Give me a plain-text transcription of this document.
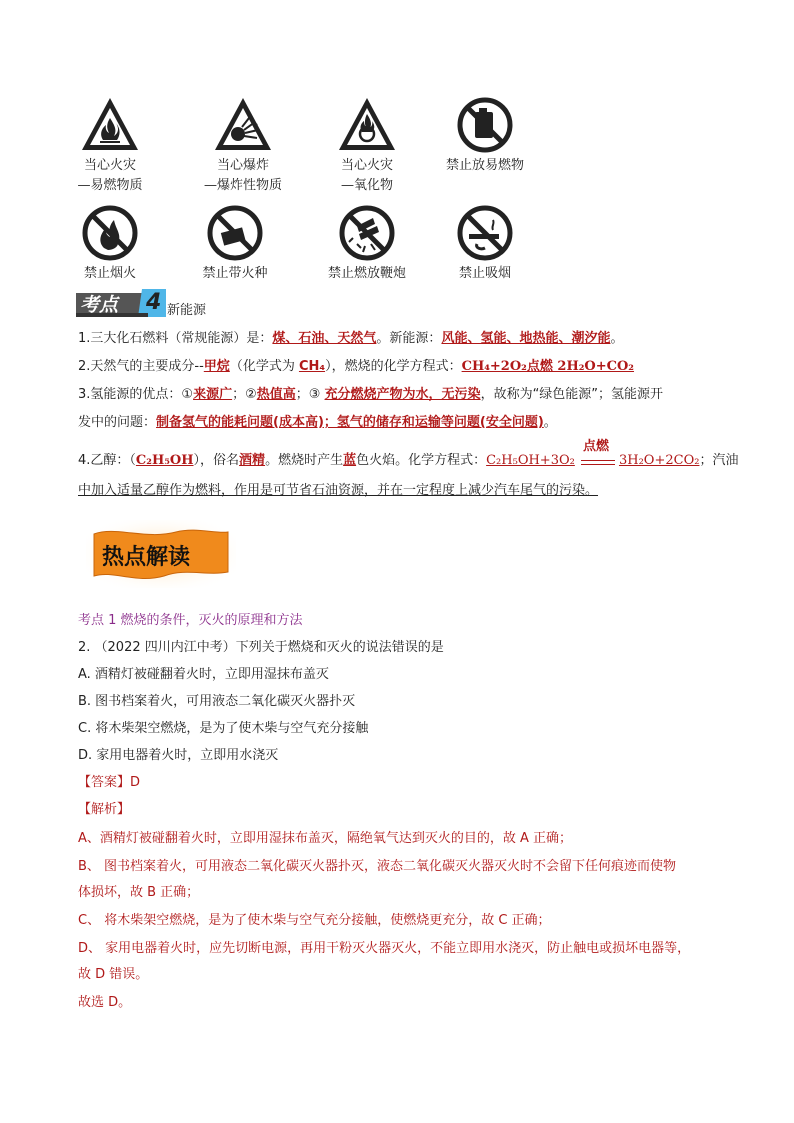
当心火灾
—易燃物质
当心爆炸
—爆炸性物质
当心火灾
—氧化物
禁止放易燃物
禁止烟火	禁止带火种	禁止燃放鞭炮	禁止吸烟
考点 4 新能源
1.三大化石燃料（常规能源）是：煤、石油、天然气。新能源：风能、氢能、地热能、潮汐能。
2.天然气的主要成分--甲烷（化学式为 CH₄），燃烧的化学方程式：CH₄+2O₂点燃 2H₂O+CO₂
3.氢能源的优点：①来源广；②热值高；③ 充分燃烧产物为水，无污染，故称为“绿色能源”；氢能源开
发中的问题：制备氢气的能耗问题(成本高)；氢气的储存和运输等问题(安全问题)。
4.乙醇：（C₂H₅OH），俗名酒精。燃烧时产生蓝色火焰。化学方程式：C₂H₅OH+3O₂
点燃
3H₂O+2CO₂；汽油
中加入适量乙醇作为燃料，作用是可节省石油资源，并在一定程度上减少汽车尾气的污染。
热点解读
考点 1 燃烧的条件，灭火的原理和方法
2. （2022 四川内江中考）下列关于燃烧和灭火的说法错误的是
A. 酒精灯被碰翻着火时，立即用湿抹布盖灭
B. 图书档案着火，可用液态二氧化碳灭火器扑灭
C. 将木柴架空燃烧，是为了使木柴与空气充分接触
D. 家用电器着火时，立即用水浇灭
【答案】D
【解析】
A、酒精灯被碰翻着火时，立即用湿抹布盖灭，隔绝氧气达到灭火的目的，故 A 正确；
B、 图书档案着火，可用液态二氧化碳灭火器扑灭，液态二氧化碳灭火器灭火时不会留下任何痕迹而使物
体损坏，故 B 正确；
C、 将木柴架空燃烧，是为了使木柴与空气充分接触，使燃烧更充分，故 C 正确；
D、 家用电器着火时，应先切断电源，再用干粉灭火器灭火，不能立即用水浇灭，防止触电或损坏电器等，
故 D 错误。
故选 D。
